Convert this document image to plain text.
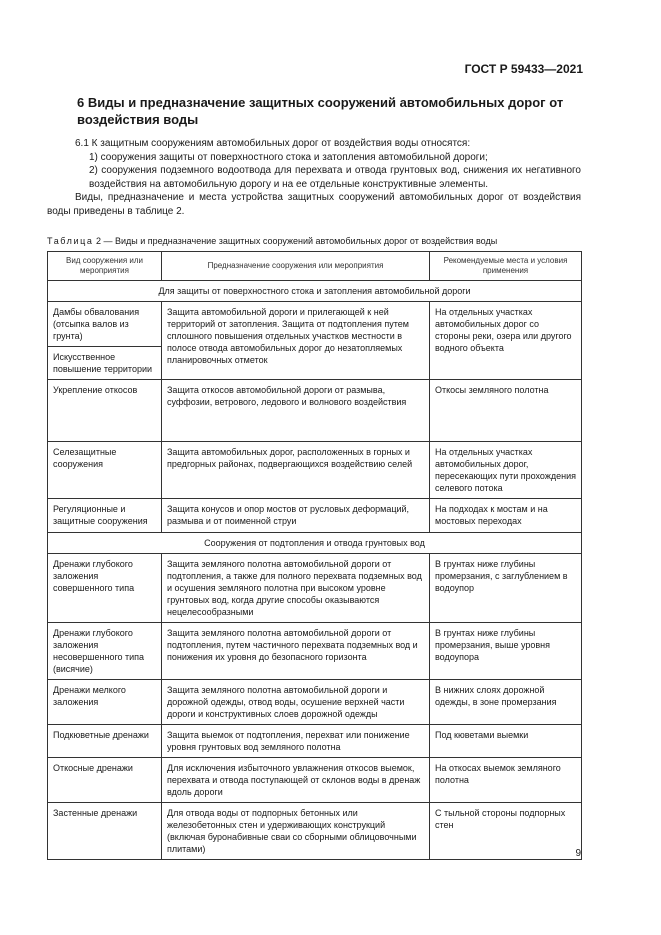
ГОСТ Р 59433—2021
6 Виды и предназначение защитных сооружений автомобильных дорог от воздействия воды
6.1 К защитным сооружениям автомобильных дорог от воздействия воды относятся:
1) сооружения защиты от поверхностного стока и затопления автомобильной дороги;
2) сооружения подземного водоотвода для перехвата и отвода грунтовых вод, снижения их негативного воздействия на автомобильную дорогу и на ее отдельные конструктивные элементы.
Виды, предназначение и места устройства защитных сооружений автомобильных дорог от воздействия воды приведены в таблице 2.
Таблица 2 — Виды и предназначение защитных сооружений автомобильных дорог от воздействия воды
Вид сооружения или мероприятия	Предназначение сооружения или мероприятия	Рекомендуемые места и условия применения
Для защиты от поверхностного стока и затопления автомобильной дороги		
Дамбы обвалования (отсыпка валов из грунта)	Защита автомобильной дороги и прилегающей к ней территорий от затопления. Защита от подтопления путем сплошного повышения отдельных участков местности в полосе отвода автомобильных дорог до незатопляемых планировочных отметок	На отдельных участках автомобильных дорог со стороны реки, озера или другого водного объекта
Искусственное повышение территории		
Укрепление откосов	Защита откосов автомобильной дороги от размыва, суффозии, ветрового, ледового и волнового воздействия	Откосы земляного полотна
Селезащитные сооружения	Защита автомобильных дорог, расположенных в горных и предгорных районах, подвергающихся воздействию селей	На отдельных участках автомобильных дорог, пересекающих пути прохождения селевого потока
Регуляционные и защитные сооружения	Защита конусов и опор мостов от русловых деформаций, размыва и от поименной струи	На подходах к мостам и на мостовых переходах
Сооружения от подтопления и отвода грунтовых вод		
Дренажи глубокого заложения совершенного типа	Защита земляного полотна автомобильной дороги от подтопления, а также для полного перехвата подземных вод и осушения земляного полотна при высоком уровне грунтовых вод, когда другие способы оказываются нецелесообразными	В грунтах ниже глубины промерзания, с заглублением в водоупор
Дренажи глубокого заложения несовершенного типа (висячие)	Защита земляного полотна автомобильной дороги от подтопления, путем частичного перехвата подземных вод и понижения их уровня до безопасного горизонта	В грунтах ниже глубины промерзания, выше уровня водоупора
Дренажи мелкого заложения	Защита земляного полотна автомобильной дороги и дорожной одежды, отвод воды, осушение верхней части дороги и конструктивных слоев дорожной одежды	В нижних слоях дорожной одежды, в зоне промерзания
Подкюветные дренажи	Защита выемок от подтопления, перехват или понижение уровня грунтовых вод земляного полотна	Под кюветами выемки
Откосные дренажи	Для исключения избыточного увлажнения откосов выемок, перехвата и отвода поступающей от склонов воды в дренаж вдоль дороги	На откосах выемок земляного полотна
Застенные дренажи	Для отвода воды от подпорных бетонных или железобетонных стен и удерживающих конструкций (включая буронабивные сваи со сборными облицовочными плитами)	С тыльной стороны подпорных стен
9
